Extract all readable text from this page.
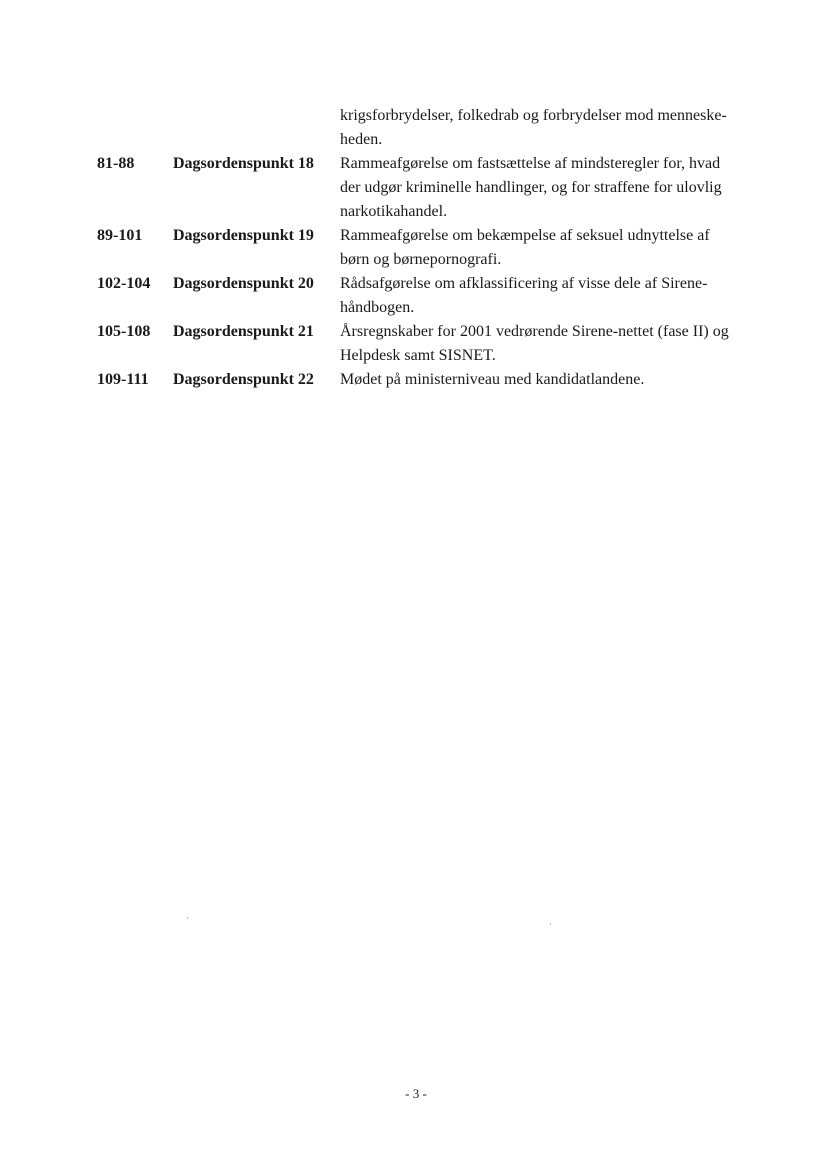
krigsforbrydelser, folkedrab og forbrydelser mod menneske-
heden.
81-88 Dagsordenspunkt 18 Rammeafgørelse om fastsættelse af mindsteregler for, hvad
der udgør kriminelle handlinger, og for straffene for ulovlig
narkotikahandel.
89-101 Dagsordenspunkt 19 Rammeafgørelse om bekæmpelse af seksuel udnyttelse af
børn og børnepornografi.
102-104 Dagsordenspunkt 20 Rådsafgørelse om afklassificering af visse dele af Sirene-
håndbogen.
105-108 Dagsordenspunkt 21 Årsregnskaber for 2001 vedrørende Sirene-nettet (fase II) og
Helpdesk samt SISNET.
109-111 Dagsordenspunkt 22 Mødet på ministerniveau med kandidatlandene.
·
·
- 3 -
